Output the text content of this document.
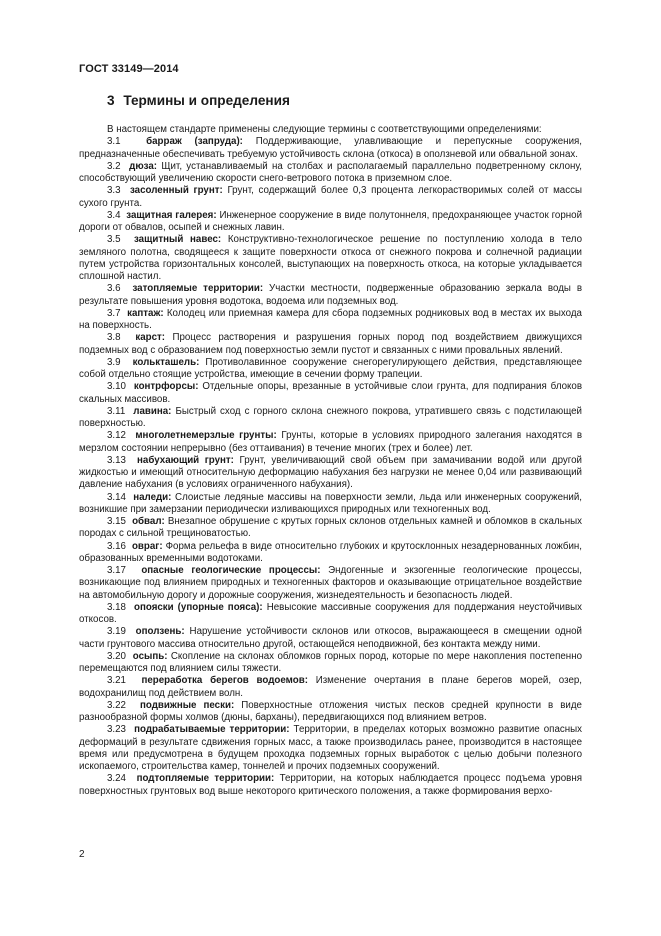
ГОСТ 33149—2014
3 Термины и определения

В настоящем стандарте применены следующие термины с соответствующими определениями:

3.1	барраж (запруда): Поддерживающие, улавливающие и перепускные сооружения, предназначенные обеспечивать требуемую устойчивость склона (откоса) в оползневой или обвальной зонах.

3.2 дюза: Щит, устанавливаемый на столбах и располагаемый параллельно подветренному склону, способствующий увеличению скорости снего-ветрового потока в приземном слое.

3.3 засоленный грунт: Грунт, содержащий более 0,3 процента легкорастворимых солей от массы сухого грунта.

3.4 защитная галерея: Инженерное сооружение в виде полутоннеля, предохраняющее участок горной дороги от обвалов, осыпей и снежных лавин.

3.5 защитный навес: Конструктивно-технологическое решение по поступлению холода в тело земляного полотна, сводящееся к защите поверхности откоса от снежного покрова и солнечной радиации путем устройства горизонтальных консолей, выступающих на поверхность откоса, на которые укладывается сплошной настил.

3.6 затопляемые территории: Участки местности, подверженные образованию зеркала воды в результате повышения уровня водотока, водоема или подземных вод.

3.7 каптаж: Колодец или приемная камера для сбора подземных родниковых вод в местах их выхода на поверхность.

3.8 карст: Процесс растворения и разрушения горных пород под воздействием движущихся подземных вод с образованием под поверхностью земли пустот и связанных с ними провальных явлений.

3.9 колькташель: Противолавинное сооружение снегорегулирующего действия, представляющее собой отдельно стоящие устройства, имеющие в сечении форму трапеции.

3.10 контрфорсы: Отдельные опоры, врезанные в устойчивые слои грунта, для подпирания блоков скальных массивов.

3.11 лавина: Быстрый сход с горного склона снежного покрова, утратившего связь с подстилающей поверхностью.

3.12 многолетнемерзлые грунты: Грунты, которые в условиях природного залегания находятся в мерзлом состоянии непрерывно (без оттаивания) в течение многих (трех и более) лет.

3.13 набухающий грунт: Грунт, увеличивающий свой объем при замачивании водой или другой жидкостью и имеющий относительную деформацию набухания без нагрузки не менее 0,04 или развивающий давление набухания (в условиях ограниченного набухания).

3.14 наледи: Слоистые ледяные массивы на поверхности земли, льда или инженерных сооружений, возникшие при замерзании периодически изливающихся природных или техногенных вод.

3.15 обвал: Внезапное обрушение с крутых горных склонов отдельных камней и обломков в скальных породах с сильной трещиноватостью.

3.16 овраг: Форма рельефа в виде относительно глубоких и крутосклонных незадернованных ложбин, образованных временными водотоками.

3.17 опасные геологические процессы: Эндогенные и экзогенные геологические процессы, возникающие под влиянием природных и техногенных факторов и оказывающие отрицательное воздействие на автомобильную дорогу и дорожные сооружения, жизнедеятельность и безопасность людей.

3.18 опояски (упорные пояса): Невысокие массивные сооружения для поддержания неустойчивых откосов.

3.19 оползень: Нарушение устойчивости склонов или откосов, выражающееся в смещении одной части грунтового массива относительно другой, остающейся неподвижной, без контакта между ними.

3.20 осыпь: Скопление на склонах обломков горных пород, которые по мере накопления постепенно перемещаются под влиянием силы тяжести.

3.21 переработка берегов водоемов: Изменение очертания в плане берегов морей, озер, водохранилищ под действием волн.

3.22 подвижные пески: Поверхностные отложения чистых песков средней крупности в виде разнообразной формы холмов (дюны, барханы), передвигающихся под влиянием ветров.

3.23 подрабатываемые территории: Территории, в пределах которых возможно развитие опасных деформаций в результате сдвижения горных масс, а также производилась ранее, производится в настоящее время или предусмотрена в будущем проходка подземных горных выработок с целью добычи полезного ископаемого, строительства камер, тоннелей и прочих подземных сооружений.

3.24 подтопляемые территории: Территории, на которых наблюдается процесс подъема уровня поверхностных грунтовых вод выше некоторого критического положения, а также формирования верхо-

2
